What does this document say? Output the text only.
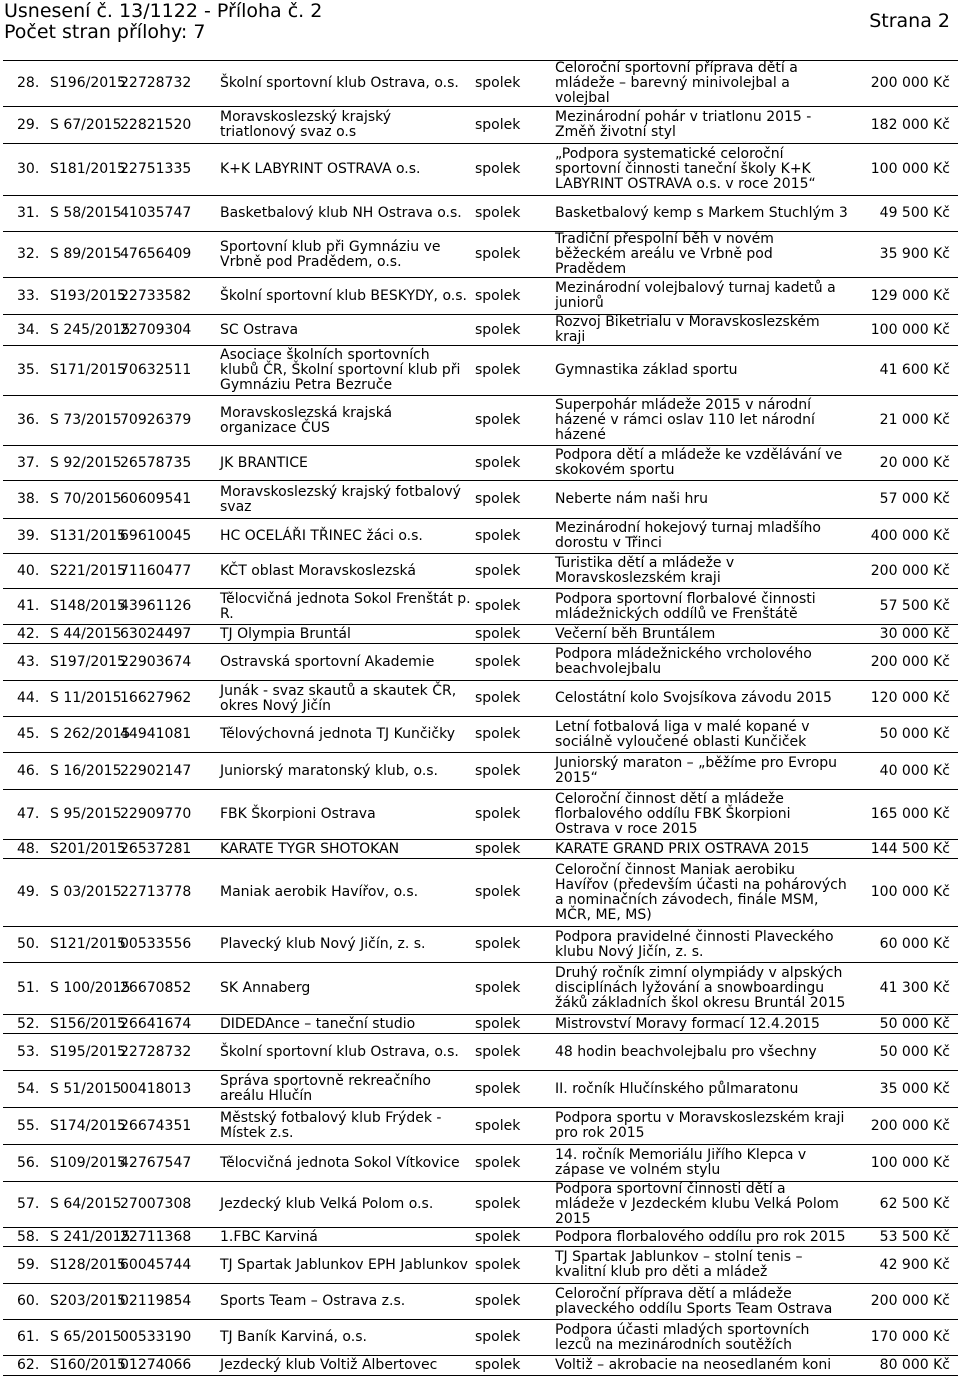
Usnesení č. 13/1122 - Příloha č. 2
Počet stran přílohy: 7	Strana 2
28.	S196/2015	22728732	Školní sportovní klub Ostrava, o.s.	spolek	Celoroční sportovní příprava dětí a mládeže – barevný minivolejbal a volejbal	200 000 Kč
29.	S 67/2015	22821520	Moravskoslezský krajský triatlonový svaz o.s	spolek	Mezinárodní pohár v triatlonu 2015 - Změň životní styl	182 000 Kč
30.	S181/2015	22751335	K+K LABYRINT OSTRAVA o.s.	spolek	„Podpora systematické celoroční sportovní činnosti taneční školy K+K LABYRINT OSTRAVA o.s. v roce 2015“	100 000 Kč
31.	S 58/2015	41035747	Basketbalový klub NH Ostrava o.s.	spolek	Basketbalový kemp s Markem Stuchlým 3	49 500 Kč
32.	S 89/2015	47656409	Sportovní klub při Gymnáziu ve Vrbně pod Pradědem, o.s.	spolek	Tradiční přespolní běh v novém běžeckém areálu ve Vrbně pod Pradědem	35 900 Kč
33.	S193/2015	22733582	Školní sportovní klub BESKYDY, o.s.	spolek	Mezinárodní volejbalový turnaj kadetů a juniorů	129 000 Kč
34.	S 245/2015	22709304	SC Ostrava	spolek	Rozvoj Biketrialu v Moravskoslezském kraji	100 000 Kč
35.	S171/2015	70632511	Asociace školních sportovních klubů ČR, Školní sportovní klub při Gymnáziu Petra Bezruče	spolek	Gymnastika základ sportu	41 600 Kč
36.	S 73/2015	70926379	Moravskoslezská krajská organizace ČUS	spolek	Superpohár mládeže 2015 v národní házené v rámci oslav 110 let národní házené	21 000 Kč
37.	S 92/2015	26578735	JK BRANTICE	spolek	Podpora dětí a mládeže ke vzdělávání ve skokovém sportu	20 000 Kč
38.	S 70/2015	60609541	Moravskoslezský krajský fotbalový svaz	spolek	Neberte nám naši hru	57 000 Kč
39.	S131/2015	69610045	HC OCELÁŘI TŘINEC žáci o.s.	spolek	Mezinárodní hokejový turnaj mladšího dorostu v Třinci	400 000 Kč
40.	S221/2015	71160477	KČT oblast Moravskoslezská	spolek	Turistika dětí a mládeže v Moravskoslezském kraji	200 000 Kč
41.	S148/2015	43961126	Tělocvičná jednota Sokol Frenštát p. R.	spolek	Podpora sportovní florbalové činnosti mládežnických oddílů ve Frenštátě	57 500 Kč
42.	S 44/2015	63024497	TJ Olympia Bruntál	spolek	Večerní běh Bruntálem	30 000 Kč
43.	S197/2015	22903674	Ostravská sportovní Akademie	spolek	Podpora mládežnického vrcholového beachvolejbalu	200 000 Kč
44.	S 11/2015	16627962	Junák - svaz skautů a skautek ČR, okres Nový Jičín	spolek	Celostátní kolo Svojsíkova závodu 2015	120 000 Kč
45.	S 262/2015	44941081	Tělovýchovná jednota TJ Kunčičky	spolek	Letní fotbalová liga v malé kopané v sociálně vyloučené oblasti Kunčiček	50 000 Kč
46.	S 16/2015	22902147	Juniorský maratonský klub, o.s.	spolek	Juniorský maraton – „běžíme pro Evropu 2015“	40 000 Kč
47.	S 95/2015	22909770	FBK Škorpioni Ostrava	spolek	Celoroční činnost dětí a mládeže florbalového oddílu FBK Škorpioni Ostrava v roce 2015	165 000 Kč
48.	S201/2015	26537281	KARATE TYGR SHOTOKAN	spolek	KARATE GRAND PRIX OSTRAVA 2015	144 500 Kč
49.	S 03/2015	22713778	Maniak aerobik Havířov, o.s.	spolek	Celoroční činnost Maniak aerobiku Havířov (především účasti na pohárových a nominačních závodech, finále MSM, MČR, ME, MS)	100 000 Kč
50.	S121/2015	00533556	Plavecký klub Nový Jičín, z. s.	spolek	Podpora pravidelné činnosti Plaveckého klubu Nový Jičín, z. s.	60 000 Kč
51.	S 100/2015	26670852	SK Annaberg	spolek	Druhý ročník zimní olympiády v alpských disciplínách lyžování a snowboardingu žáků základních škol okresu Bruntál 2015	41 300 Kč
52.	S156/2015	26641674	DIDEDAnce – taneční studio	spolek	Mistrovství Moravy formací 12.4.2015	50 000 Kč
53.	S195/2015	22728732	Školní sportovní klub Ostrava, o.s.	spolek	48 hodin beachvolejbalu pro všechny	50 000 Kč
54.	S 51/2015	00418013	Správa sportovně rekreačního areálu Hlučín	spolek	II. ročník Hlučínského půlmaratonu	35 000 Kč
55.	S174/2015	26674351	Městský fotbalový klub Frýdek - Místek z.s.	spolek	Podpora sportu v Moravskoslezském kraji pro rok 2015	200 000 Kč
56.	S109/2015	42767547	Tělocvičná jednota Sokol Vítkovice	spolek	14. ročník Memoriálu Jiřího Klepca v zápase ve volném stylu	100 000 Kč
57.	S 64/2015	27007308	Jezdecký klub Velká Polom o.s.	spolek	Podpora sportovní činnosti dětí a mládeže v Jezdeckém klubu Velká Polom 2015	62 500 Kč
58.	S 241/2015	22711368	1.FBC Karviná	spolek	Podpora florbalového oddílu pro rok 2015	53 500 Kč
59.	S128/2015	60045744	TJ Spartak Jablunkov EPH Jablunkov	spolek	TJ Spartak Jablunkov – stolní tenis – kvalitní klub pro děti a mládež	42 900 Kč
60.	S203/2015	02119854	Sports Team – Ostrava z.s.	spolek	Celoroční příprava dětí a mládeže plaveckého oddílu Sports Team Ostrava	200 000 Kč
61.	S 65/2015	00533190	TJ Baník Karviná, o.s.	spolek	Podpora účasti mladých sportovních lezců na mezinárodních soutěžích	170 000 Kč
62.	S160/2015	01274066	Jezdecký klub Voltiž Albertovec	spolek	Voltiž – akrobacie na neosedlaném koni	80 000 Kč
